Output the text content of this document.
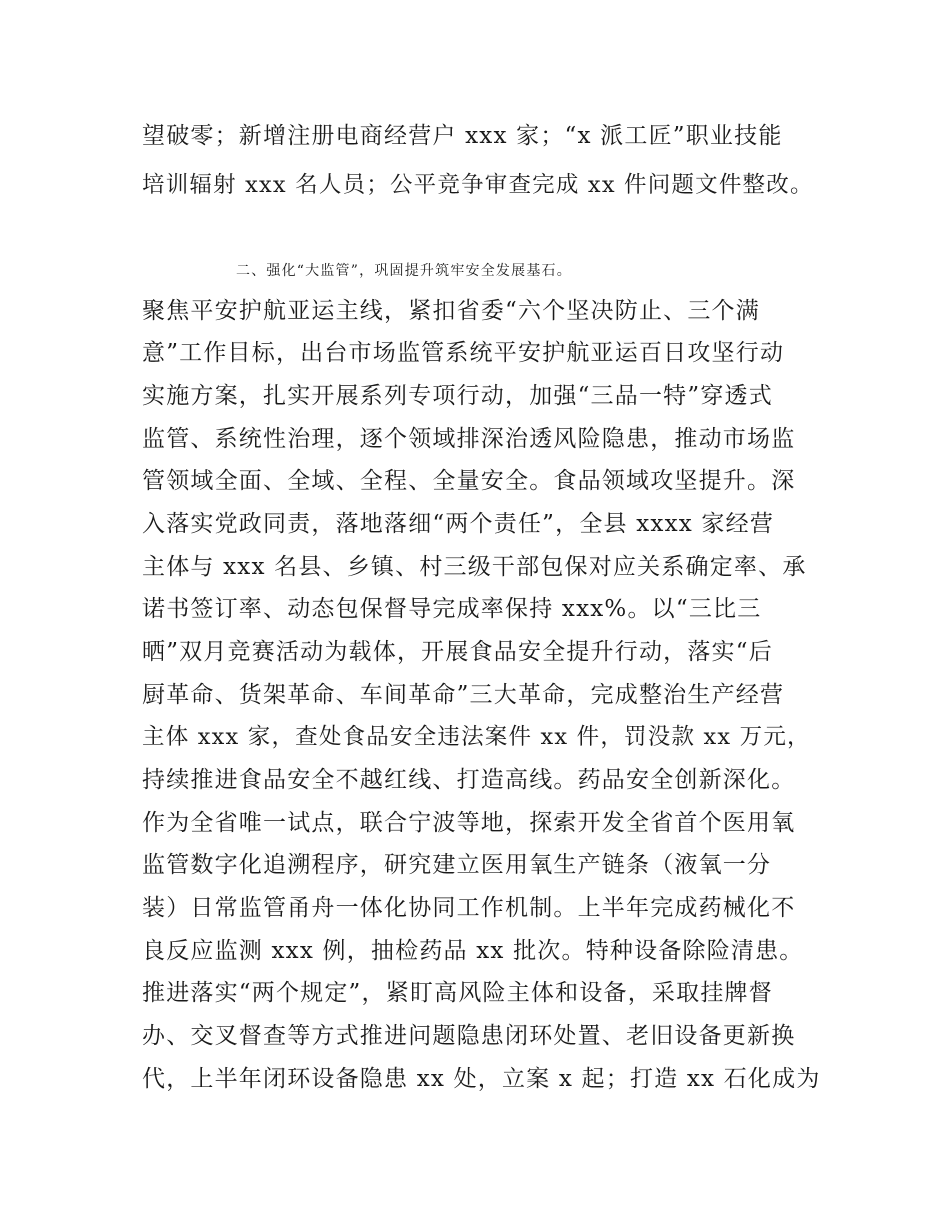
望破零；新增注册电商经营户 xxx 家；“x 派工匠”职业技能
培训辐射 xxx 名人员；公平竞争审查完成 xx 件问题文件整改。
二、强化“大监管”，巩固提升筑牢安全发展基石。
聚焦平安护航亚运主线，紧扣省委“六个坚决防止、三个满
意”工作目标，出台市场监管系统平安护航亚运百日攻坚行动
实施方案，扎实开展系列专项行动，加强“三品一特”穿透式
监管、系统性治理，逐个领域排深治透风险隐患，推动市场监
管领域全面、全域、全程、全量安全。食品领域攻坚提升。深
入落实党政同责，落地落细“两个责任”，全县 xxxx 家经营
主体与 xxx 名县、乡镇、村三级干部包保对应关系确定率、承
诺书签订率、动态包保督导完成率保持 xxx%。以“三比三
晒”双月竞赛活动为载体，开展食品安全提升行动，落实“后
厨革命、货架革命、车间革命”三大革命，完成整治生产经营
主体 xxx 家，查处食品安全违法案件 xx 件，罚没款 xx 万元，
持续推进食品安全不越红线、打造高线。药品安全创新深化。
作为全省唯一试点，联合宁波等地，探索开发全省首个医用氧
监管数字化追溯程序，研究建立医用氧生产链条（液氧一分
装）日常监管甬舟一体化协同工作机制。上半年完成药械化不
良反应监测 xxx 例，抽检药品 xx 批次。特种设备除险清患。
推进落实“两个规定”，紧盯高风险主体和设备，采取挂牌督
办、交叉督查等方式推进问题隐患闭环处置、老旧设备更新换
代，上半年闭环设备隐患 xx 处，立案 x 起；打造 xx 石化成为
